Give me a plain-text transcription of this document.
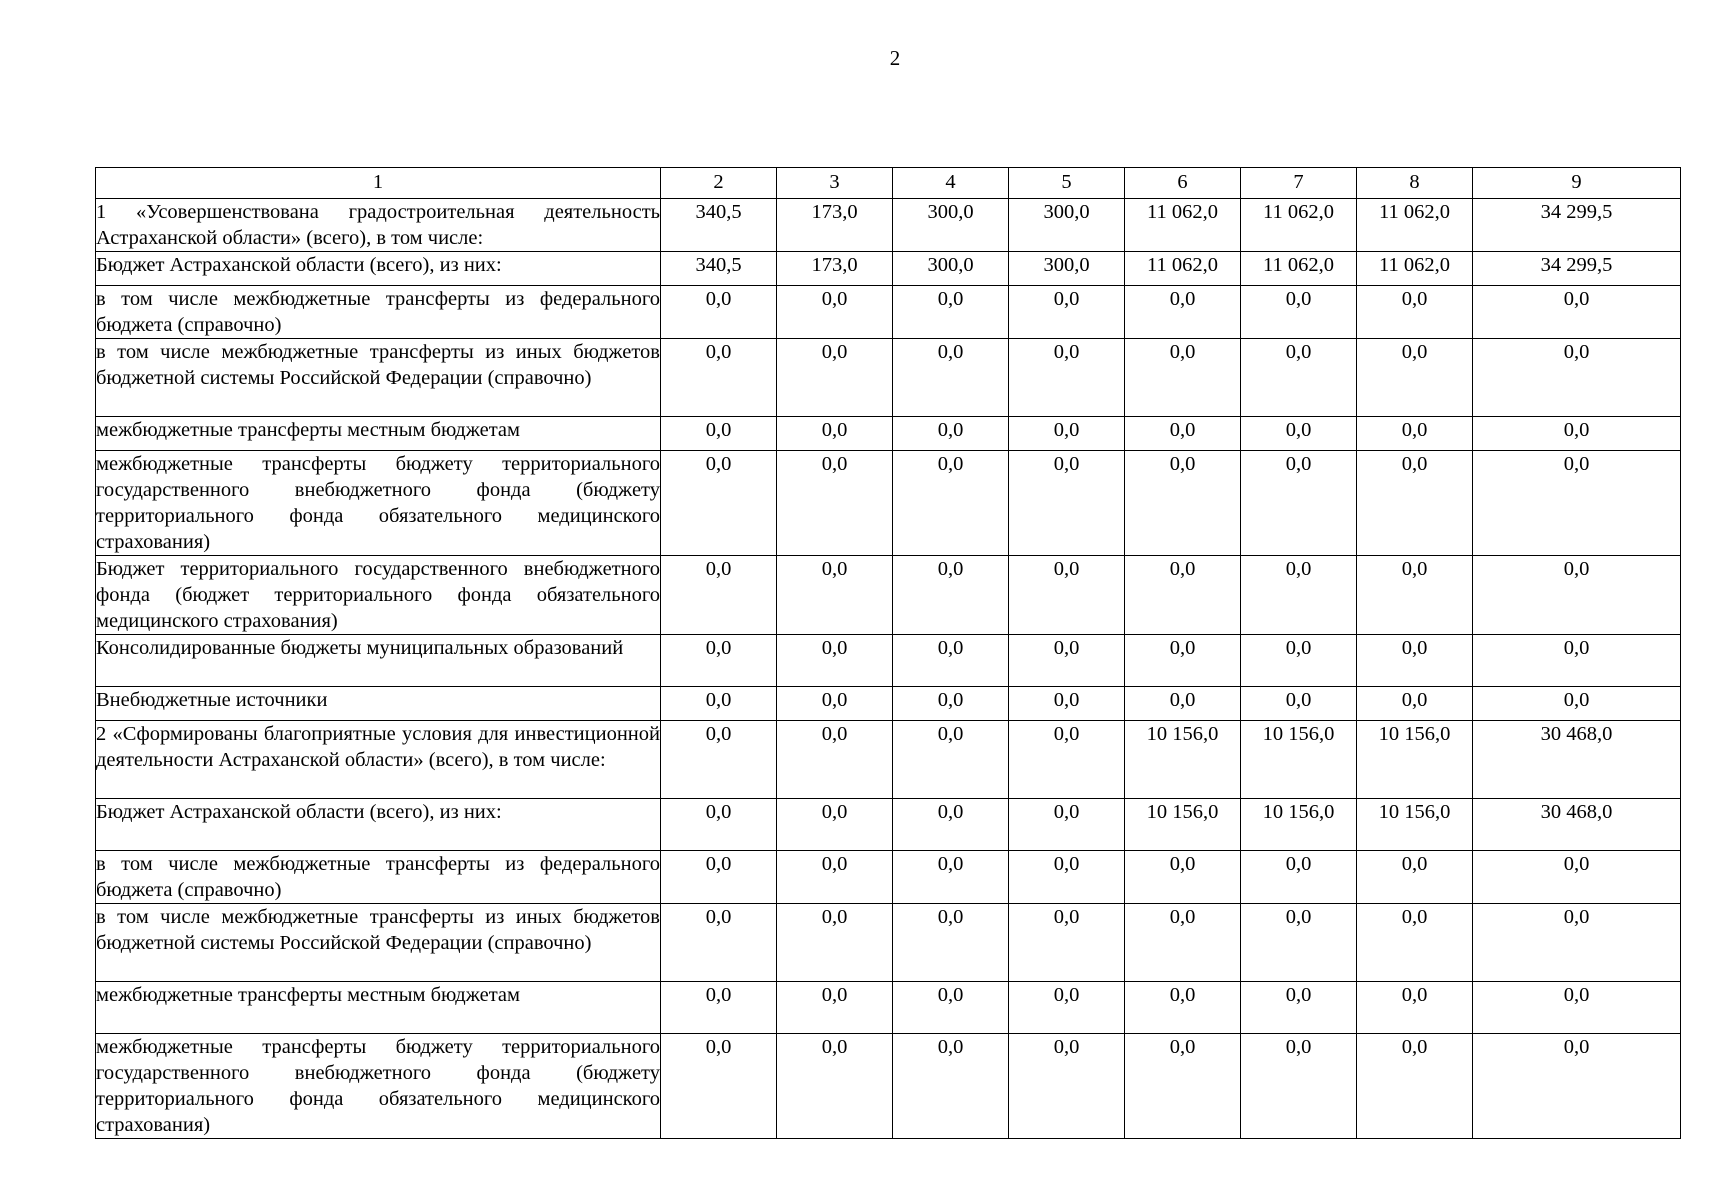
2
1	2	3	4	5	6	7	8	9
1 «Усовершенствована градостроительная деятельность Астраханской области» (всего), в том числе:	340,5	173,0	300,0	300,0	11 062,0	11 062,0	11 062,0	34 299,5
Бюджет Астраханской области (всего), из них:	340,5	173,0	300,0	300,0	11 062,0	11 062,0	11 062,0	34 299,5
в том числе межбюджетные трансферты из федерального бюджета (справочно)	0,0	0,0	0,0	0,0	0,0	0,0	0,0	0,0
в том числе межбюджетные трансферты из иных бюджетов бюджетной системы Российской Федерации (справочно)	0,0	0,0	0,0	0,0	0,0	0,0	0,0	0,0
межбюджетные трансферты местным бюджетам	0,0	0,0	0,0	0,0	0,0	0,0	0,0	0,0
межбюджетные трансферты бюджету территориального государственного внебюджетного фонда (бюджету территориального фонда обязательного медицинского страхования)	0,0	0,0	0,0	0,0	0,0	0,0	0,0	0,0
Бюджет территориального государственного внебюджетного фонда (бюджет территориального фонда обязательного медицинского страхования)	0,0	0,0	0,0	0,0	0,0	0,0	0,0	0,0
Консолидированные бюджеты муниципальных образований	0,0	0,0	0,0	0,0	0,0	0,0	0,0	0,0
Внебюджетные источники	0,0	0,0	0,0	0,0	0,0	0,0	0,0	0,0
2 «Сформированы благоприятные условия для инвестиционной деятельности Астраханской области» (всего), в том числе:	0,0	0,0	0,0	0,0	10 156,0	10 156,0	10 156,0	30 468,0
Бюджет Астраханской области (всего), из них:	0,0	0,0	0,0	0,0	10 156,0	10 156,0	10 156,0	30 468,0
в том числе межбюджетные трансферты из федерального бюджета (справочно)	0,0	0,0	0,0	0,0	0,0	0,0	0,0	0,0
в том числе межбюджетные трансферты из иных бюджетов бюджетной системы Российской Федерации (справочно)	0,0	0,0	0,0	0,0	0,0	0,0	0,0	0,0
межбюджетные трансферты местным бюджетам	0,0	0,0	0,0	0,0	0,0	0,0	0,0	0,0
межбюджетные трансферты бюджету территориального государственного внебюджетного фонда (бюджету территориального фонда обязательного медицинского страхования)	0,0	0,0	0,0	0,0	0,0	0,0	0,0	0,0
